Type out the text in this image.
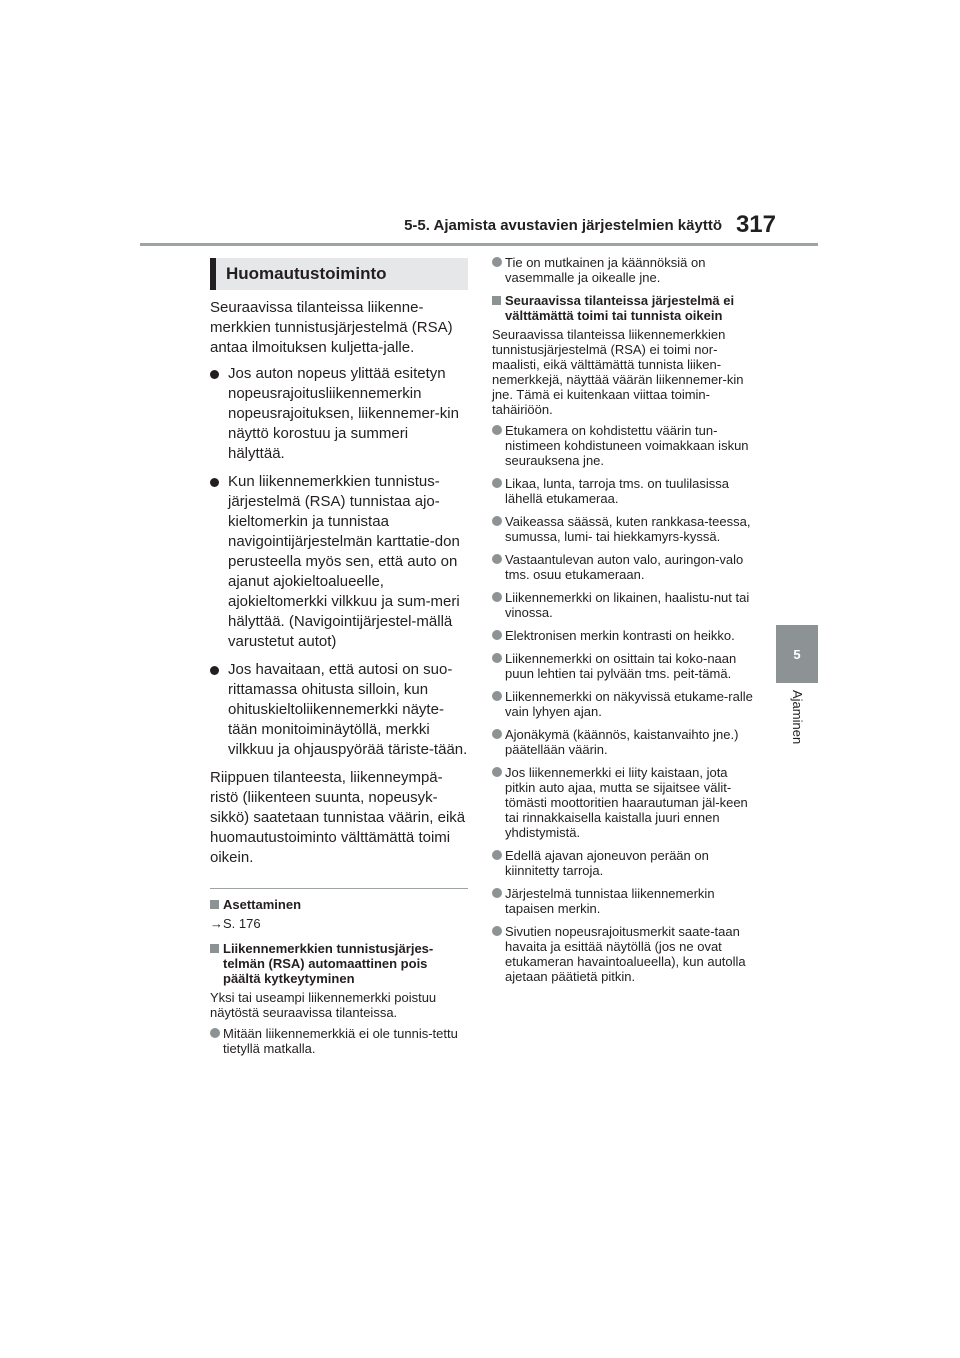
5-5. Ajamista avustavien järjestelmien käyttö 317
5
Ajaminen
Huomautustoiminto

Seuraavissa tilanteissa liikenne-merkkien tunnistusjärjestelmä (RSA) antaa ilmoituksen kuljetta-jalle.

Jos auton nopeus ylittää esitetyn nopeusrajoitusliikennemerkin nopeusrajoituksen, liikennemer-kin näyttö korostuu ja summeri hälyttää.
Kun liikennemerkkien tunnistus-järjestelmä (RSA) tunnistaa ajo-kieltomerkin ja tunnistaa navigointijärjestelmän karttatie-don perusteella myös sen, että auto on ajanut ajokieltoalueelle, ajokieltomerkki vilkkuu ja sum-meri hälyttää. (Navigointijärjestel-mällä varustetut autot)
Jos havaitaan, että autosi on suo-rittamassa ohitusta silloin, kun ohituskieltoliikennemerkki näyte-tään monitoiminäytöllä, merkki vilkkuu ja ohjauspyörää täriste-tään.

Riippuen tilanteesta, liikenneympä-ristö (liikenteen suunta, nopeusyk-sikkö) saatetaan tunnistaa väärin, eikä huomautustoiminto välttämättä toimi oikein.

Asettaminen

→S. 176

Liikennemerkkien tunnistusjärjes-telmän (RSA) automaattinen pois päältä kytkeytyminen

Yksi tai useampi liikennemerkki poistuu näytöstä seuraavissa tilanteissa.

Mitään liikennemerkkiä ei ole tunnis-tettu tietyllä matkalla.
Tie on mutkainen ja käännöksiä on vasemmalle ja oikealle jne.
Seuraavissa tilanteissa järjestelmä ei välttämättä toimi tai tunnista oikein

Seuraavissa tilanteissa liikennemerkkien tunnistusjärjestelmä (RSA) ei toimi nor-maalisti, eikä välttämättä tunnista liiken-nemerkkejä, näyttää väärän liikennemer-kin jne. Tämä ei kuitenkaan viittaa toimin-tahäiriöön.

Etukamera on kohdistettu väärin tun-nistimeen kohdistuneen voimakkaan iskun seurauksena jne.
Likaa, lunta, tarroja tms. on tuulilasissa lähellä etukameraa.
Vaikeassa säässä, kuten rankkasa-teessa, sumussa, lumi- tai hiekkamyrs-kyssä.
Vastaantulevan auton valo, auringon-valo tms. osuu etukameraan.
Liikennemerkki on likainen, haalistu-nut tai vinossa.
Elektronisen merkin kontrasti on heikko.
Liikennemerkki on osittain tai koko-naan puun lehtien tai pylvään tms. peit-tämä.
Liikennemerkki on näkyvissä etukame-ralle vain lyhyen ajan.
Ajonäkymä (käännös, kaistanvaihto jne.) päätellään väärin.
Jos liikennemerkki ei liity kaistaan, jota pitkin auto ajaa, mutta se sijaitsee välit-tömästi moottoritien haarautuman jäl-keen tai rinnakkaisella kaistalla juuri ennen yhdistymistä.
Edellä ajavan ajoneuvon perään on kiinnitetty tarroja.
Järjestelmä tunnistaa liikennemerkin tapaisen merkin.
Sivutien nopeusrajoitusmerkit saate-taan havaita ja esittää näytöllä (jos ne ovat etukameran havaintoalueella), kun autolla ajetaan päätietä pitkin.
